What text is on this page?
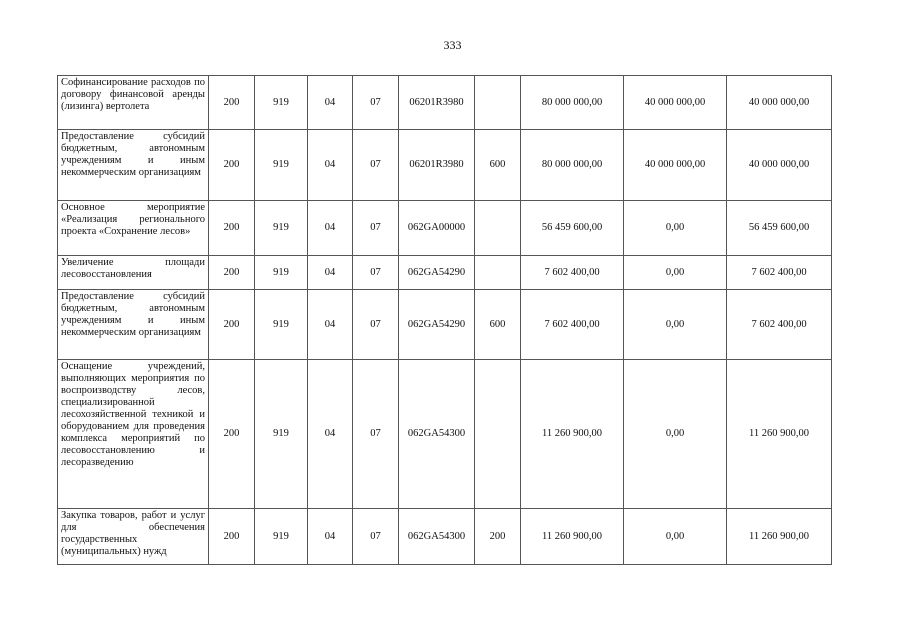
333
Софинансирование расходов по договору финансовой аренды (лизинга) вертолета	200	919	04	07	06201R3980		80 000 000,00	40 000 000,00	40 000 000,00
Предоставление субсидий бюджетным, автономным учреждениям и иным некоммерческим организациям	200	919	04	07	06201R3980	600	80 000 000,00	40 000 000,00	40 000 000,00
Основное мероприятие «Реализация регионального проекта «Сохранение лесов»	200	919	04	07	062GA00000		56 459 600,00	0,00	56 459 600,00
Увеличение площади лесовосстановления	200	919	04	07	062GA54290		7 602 400,00	0,00	7 602 400,00
Предоставление субсидий бюджетным, автономным учреждениям и иным некоммерческим организациям	200	919	04	07	062GA54290	600	7 602 400,00	0,00	7 602 400,00
Оснащение учреждений, выполняющих мероприятия по воспроизводству лесов, специализированной лесохозяйственной техникой и оборудованием для проведения комплекса мероприятий по лесовосстановлению и лесоразведению	200	919	04	07	062GA54300		11 260 900,00	0,00	11 260 900,00
Закупка товаров, работ и услуг для обеспечения государственных (муниципальных) нужд	200	919	04	07	062GA54300	200	11 260 900,00	0,00	11 260 900,00
